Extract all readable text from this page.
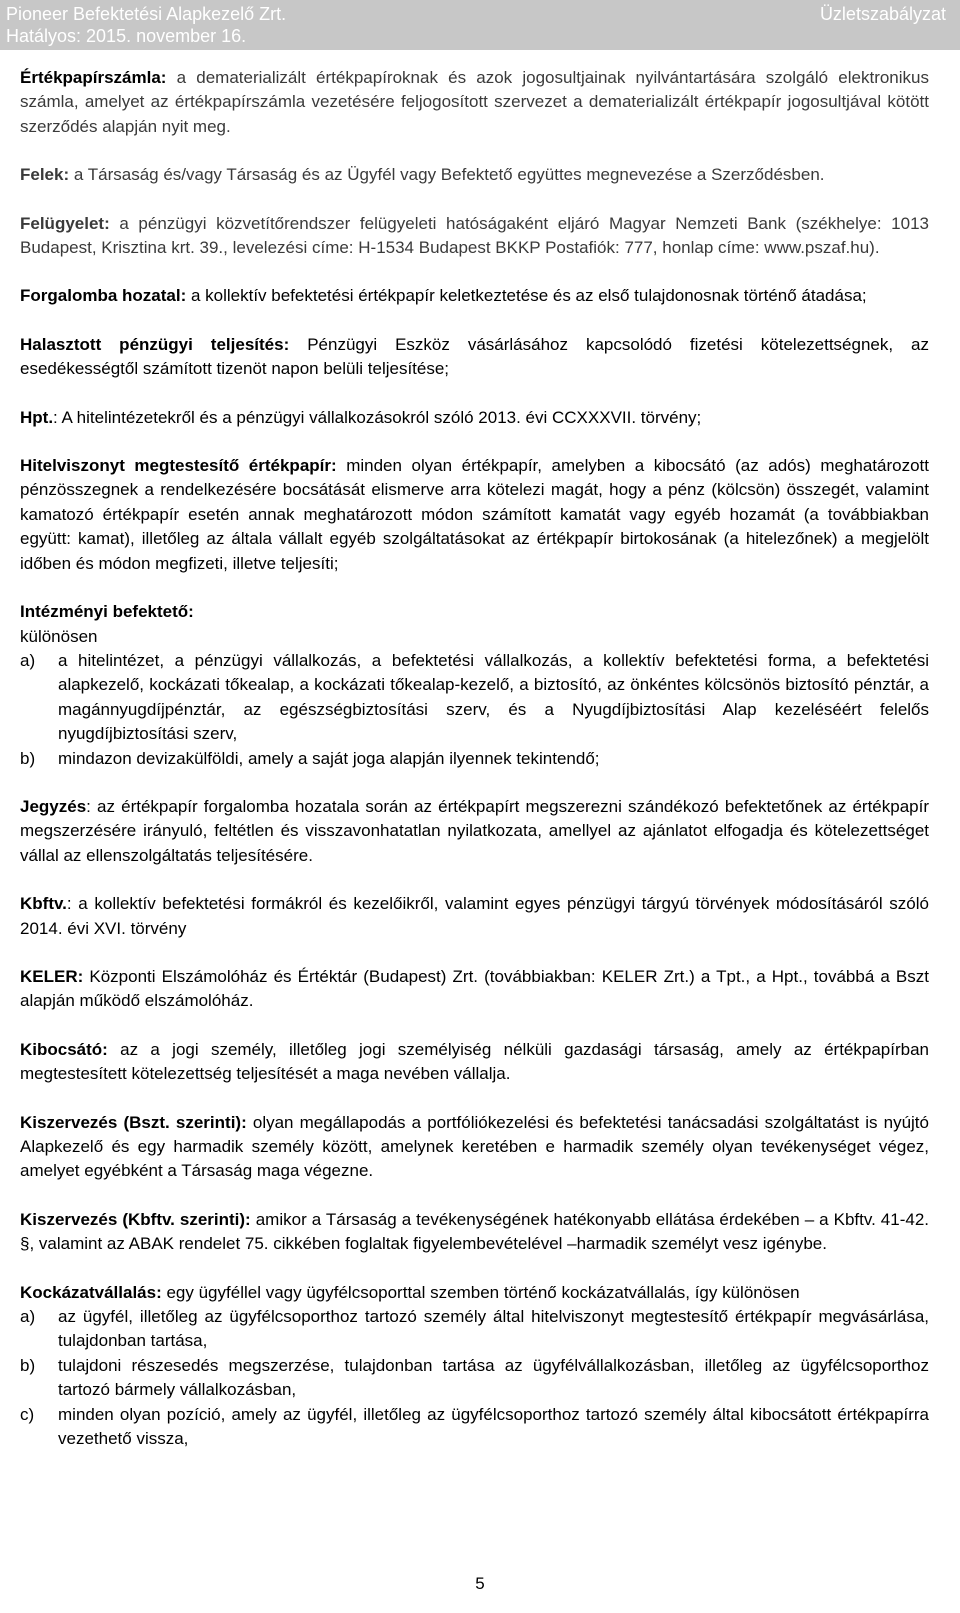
Pioneer Befektetési Alapkezelő Zrt.
Hatályos: 2015. november 16.
Üzletszabályzat

Értékpapírszámla: a dematerializált értékpapíroknak és azok jogosultjainak nyilvántartására szolgáló elektronikus számla, amelyet az értékpapírszámla vezetésére feljogosított szervezet a dematerializált értékpapír jogosultjával kötött szerződés alapján nyit meg.

Felek: a Társaság és/vagy Társaság és az Ügyfél vagy Befektető együttes megnevezése a Szerződésben.

Felügyelet: a pénzügyi közvetítőrendszer felügyeleti hatóságaként eljáró Magyar Nemzeti Bank (székhelye: 1013 Budapest, Krisztina krt. 39., levelezési címe: H-1534 Budapest BKKP Postafiók: 777, honlap címe: www.pszaf.hu).

Forgalomba hozatal: a kollektív befektetési értékpapír keletkeztetése és az első tulajdonosnak történő átadása;

Halasztott pénzügyi teljesítés: Pénzügyi Eszköz vásárlásához kapcsolódó fizetési kötelezettségnek, az esedékességtől számított tizenöt napon belüli teljesítése;

Hpt.: A hitelintézetekről és a pénzügyi vállalkozásokról szóló 2013. évi CCXXXVII. törvény;

Hitelviszonyt megtestesítő értékpapír: minden olyan értékpapír, amelyben a kibocsátó (az adós) meghatározott pénzösszegnek a rendelkezésére bocsátását elismerve arra kötelezi magát, hogy a pénz (kölcsön) összegét, valamint kamatozó értékpapír esetén annak meghatározott módon számított kamatát vagy egyéb hozamát (a továbbiakban együtt: kamat), illetőleg az általa vállalt egyéb szolgáltatásokat az értékpapír birtokosának (a hitelezőnek) a megjelölt időben és módon megfizeti, illetve teljesíti;

Intézményi befektető:
különösen
a)	a hitelintézet, a pénzügyi vállalkozás, a befektetési vállalkozás, a kollektív befektetési forma, a befektetési alapkezelő, kockázati tőkealap, a kockázati tőkealap-kezelő, a biztosító, az önkéntes kölcsönös biztosító pénztár, a magánnyugdíjpénztár, az egészségbiztosítási szerv, és a Nyugdíjbiztosítási Alap kezeléséért felelős nyugdíjbiztosítási szerv,
b)	mindazon devizakülföldi, amely a saját joga alapján ilyennek tekintendő;

Jegyzés: az értékpapír forgalomba hozatala során az értékpapírt megszerezni szándékozó befektetőnek az értékpapír megszerzésére irányuló, feltétlen és visszavonhatatlan nyilatkozata, amellyel az ajánlatot elfogadja és kötelezettséget vállal az ellenszolgáltatás teljesítésére.

Kbftv.: a kollektív befektetési formákról és kezelőikről, valamint egyes pénzügyi tárgyú törvények módosításáról szóló 2014. évi XVI. törvény

KELER: Központi Elszámolóház és Értéktár (Budapest) Zrt. (továbbiakban: KELER Zrt.) a Tpt., a Hpt., továbbá a Bszt alapján működő elszámolóház.

Kibocsátó: az a jogi személy, illetőleg jogi személyiség nélküli gazdasági társaság, amely az értékpapírban megtestesített kötelezettség teljesítését a maga nevében vállalja.

Kiszervezés (Bszt. szerinti): olyan megállapodás a portfóliókezelési és befektetési tanácsadási szolgáltatást is nyújtó Alapkezelő és egy harmadik személy között, amelynek keretében e harmadik személy olyan tevékenységet végez, amelyet egyébként a Társaság maga végezne.

Kiszervezés (Kbftv. szerinti): amikor a Társaság a tevékenységének hatékonyabb ellátása érdekében – a Kbftv. 41-42. §, valamint az ABAK rendelet 75. cikkében foglaltak figyelembevételével –harmadik személyt vesz igénybe.

Kockázatvállalás: egy ügyféllel vagy ügyfélcsoporttal szemben történő kockázatvállalás, így különösen
a)	az ügyfél, illetőleg az ügyfélcsoporthoz tartozó személy által hitelviszonyt megtestesítő értékpapír megvásárlása, tulajdonban tartása,
b)	tulajdoni részesedés megszerzése, tulajdonban tartása az ügyfélvállalkozásban, illetőleg az ügyfélcsoporthoz tartozó bármely vállalkozásban,
c)	minden olyan pozíció, amely az ügyfél, illetőleg az ügyfélcsoporthoz tartozó személy által kibocsátott értékpapírra vezethető vissza,
5
